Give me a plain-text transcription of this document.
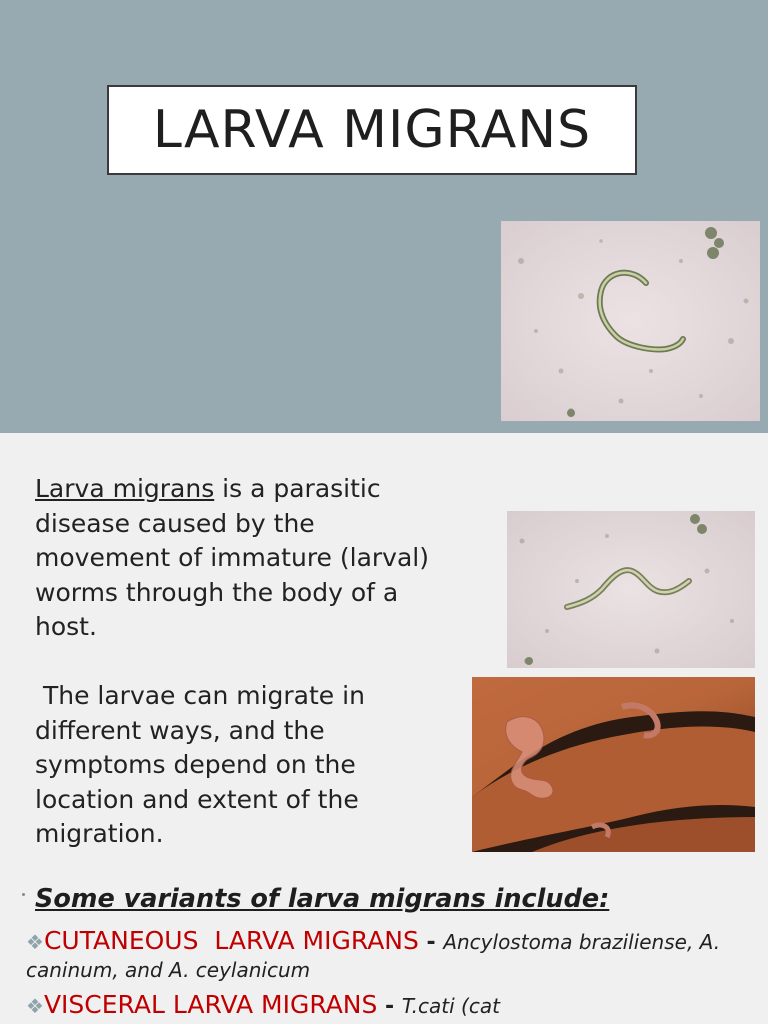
LARVA MIGRANS
Larva migrans is a parasitic disease caused by the movement of immature (larval) worms through the body of a host.
The larvae can migrate in different ways, and the symptoms depend on the location and extent of the migration.
Some variants of larva migrans include:
❖CUTANEOUS  LARVA MIGRANS - Ancylostoma braziliense, A. caninum, and A. ceylanicum
❖VISCERAL LARVA MIGRANS - T.cati (cat
